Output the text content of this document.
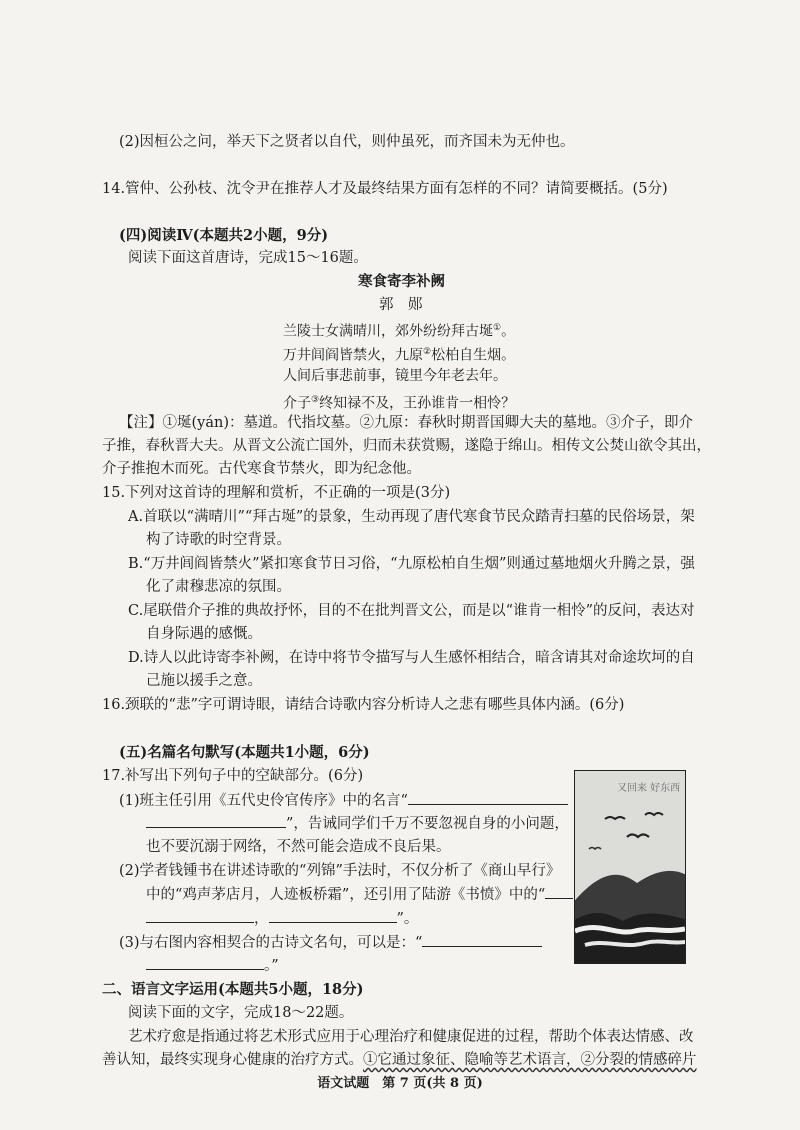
(2)因桓公之问，举天下之贤者以自代，则仲虽死，而齐国未为无仲也。
14.管仲、公孙枝、沈令尹在推荐人才及最终结果方面有怎样的不同？请简要概括。(5分)
(四)阅读Ⅳ(本题共2小题，9分)
阅读下面这首唐诗，完成15～16题。
寒食寄李补阙
郭　郧
兰陵士女满晴川，郊外纷纷拜古埏①。
万井闾阎皆禁火，九原②松柏自生烟。
人间后事悲前事，镜里今年老去年。
介子③终知禄不及，王孙谁肯一相怜？
【注】①埏(yán)：墓道。代指坟墓。②九原：春秋时期晋国卿大夫的墓地。③介子，即介
子推，春秋晋大夫。从晋文公流亡国外，归而未获赏赐，遂隐于绵山。相传文公焚山欲令其出，
介子推抱木而死。古代寒食节禁火，即为纪念他。
15.下列对这首诗的理解和赏析，不正确的一项是(3分)
A.首联以“满晴川”“拜古埏”的景象，生动再现了唐代寒食节民众踏青扫墓的民俗场景，架
构了诗歌的时空背景。
B.“万井闾阎皆禁火”紧扣寒食节日习俗，“九原松柏自生烟”则通过墓地烟火升腾之景，强
化了肃穆悲凉的氛围。
C.尾联借介子推的典故抒怀，目的不在批判晋文公，而是以“谁肯一相怜”的反问，表达对
自身际遇的感慨。
D.诗人以此诗寄李补阙，在诗中将节令描写与人生感怀相结合，暗含请其对命途坎坷的自
己施以援手之意。
16.颈联的“悲”字可谓诗眼，请结合诗歌内容分析诗人之悲有哪些具体内涵。(6分)
(五)名篇名句默写(本题共1小题，6分)
17.补写出下列句子中的空缺部分。(6分)
(1)班主任引用《五代史伶官传序》中的名言“
”，告诫同学们千万不要忽视自身的小问题，
也不要沉溺于网络，不然可能会造成不良后果。
(2)学者钱锺书在讲述诗歌的“列锦”手法时，不仅分析了《商山早行》
中的“鸡声茅店月，人迹板桥霜”，还引用了陆游《书愤》中的“
，	”。
(3)与右图内容相契合的古诗文名句，可以是：“
。”
又回来 好东西
二、语言文字运用(本题共5小题，18分)
阅读下面的文字，完成18～22题。
艺术疗愈是指通过将艺术形式应用于心理治疗和健康促进的过程，帮助个体表达情感、改
善认知，最终实现身心健康的治疗方式。①它通过象征、隐喻等艺术语言，②分裂的情感碎片
语文试题　第 7 页(共 8 页)
